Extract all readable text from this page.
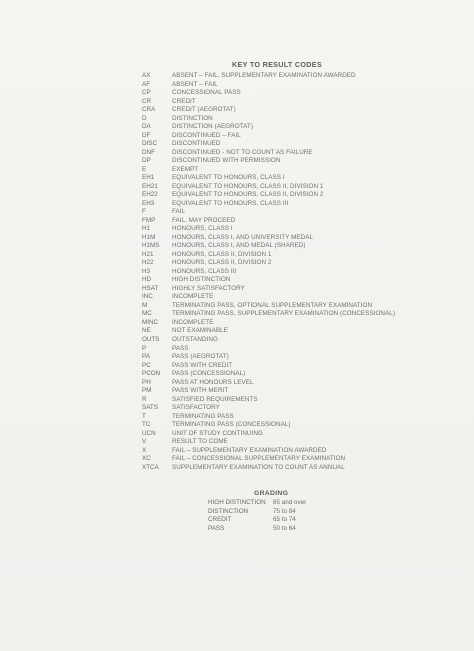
KEY TO RESULT CODES
AX	ABSENT – FAIL, SUPPLEMENTARY EXAMINATION AWARDED
AF	ABSENT – FAIL
CP	CONCESSIONAL PASS
CR	CREDIT
CRA	CREDIT (AEGROTAT)
D	DISTINCTION
DA	DISTINCTION (AEGROTAT)
DF	DISCONTINUED – FAIL
DISC	DISCONTINUED
DNF	DISCONTINUED - NOT TO COUNT AS FAILURE
DP	DISCONTINUED WITH PERMISSION
E	EXEMPT
EH1	EQUIVALENT TO HONOURS, CLASS I
EH21	EQUIVALENT TO HONOURS, CLASS II, DIVISION 1
EH22	EQUIVALENT TO HONOURS, CLASS II, DIVISION 2
EH3	EQUIVALENT TO HONOURS, CLASS III
F	FAIL
FMP	FAIL, MAY PROCEED
H1	HONOURS, CLASS I
H1M	HONOURS, CLASS I, AND UNIVERSITY MEDAL
H1MS	HONOURS, CLASS I, AND MEDAL (SHARED)
H21	HONOURS, CLASS II, DIVISION 1
H22	HONOURS, CLASS II, DIVISION 2
H3	HONOURS, CLASS III
HD	HIGH DISTINCTION
HSAT	HIGHLY SATISFACTORY
INC	INCOMPLETE
M	TERMINATING PASS, OPTIONAL SUPPLEMENTARY EXAMINATION
MC	TERMINATING PASS, SUPPLEMENTARY EXAMINATION (CONCESSIONAL)
MINC	INCOMPLETE
NE	NOT EXAMINABLE
OUTS	OUTSTANDING
P	PASS
PA	PASS (AEGROTAT)
PC	PASS WITH CREDIT
PCON	PASS (CONCESSIONAL)
PH	PASS AT HONOURS LEVEL
PM	PASS WITH MERIT
R	SATISFIED REQUIREMENTS
SATS	SATISFACTORY
T	TERMINATING PASS
TC	TERMINATING PASS (CONCESSIONAL)
UCN	UNIT OF STUDY CONTINUING
V	RESULT TO COME
X	FAIL – SUPPLEMENTARY EXAMINATION AWARDED
XC	FAIL – CONCESSIONAL SUPPLEMENTARY EXAMINATION
XTCA	SUPPLEMENTARY EXAMINATION TO COUNT AS ANNUAL
GRADING
HIGH DISTINCTION	85 and over
DISTINCTION	75 to 84
CREDIT	65 to 74
PASS	50 to 64
